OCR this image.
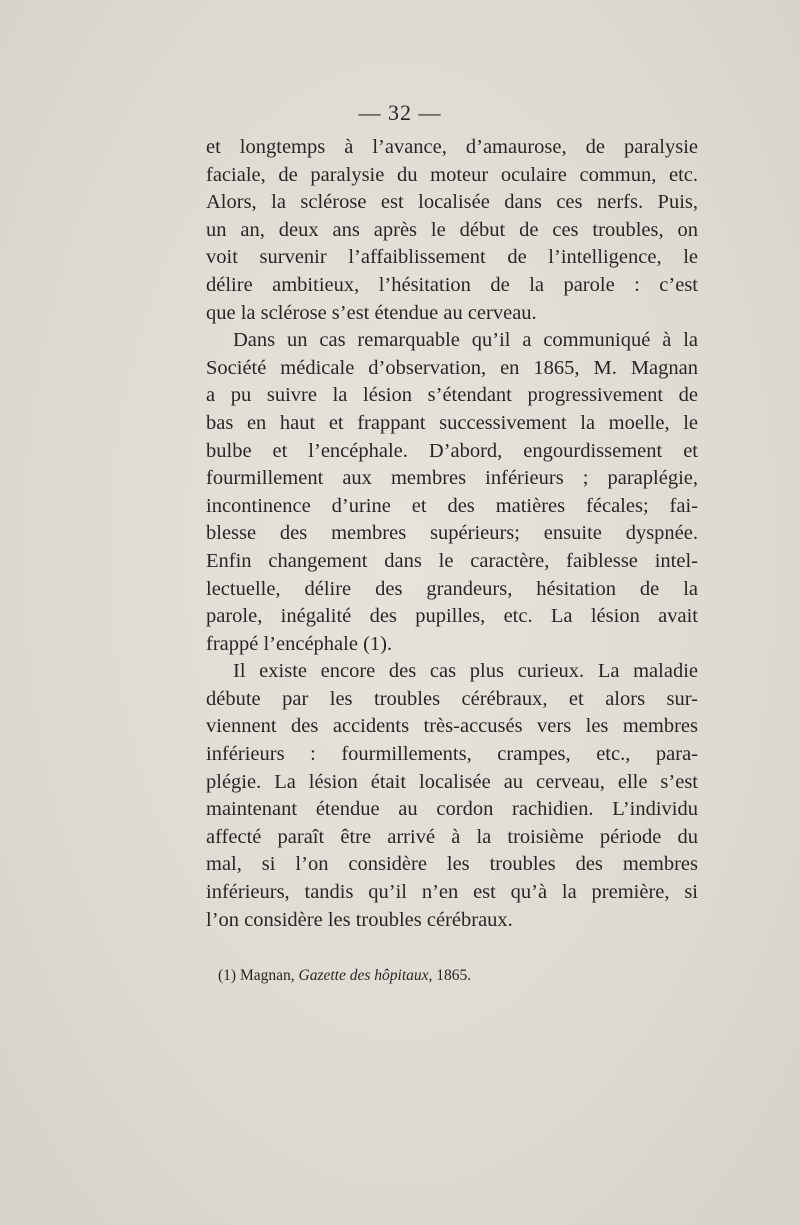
— 32 —
et longtemps à l’avance, d’amaurose, de paralysie
faciale, de paralysie du moteur oculaire commun, etc.
Alors, la sclérose est localisée dans ces nerfs. Puis,
un an, deux ans après le début de ces troubles, on
voit survenir l’affaiblissement de l’intelligence, le
délire ambitieux, l’hésitation de la parole : c’est
que la sclérose s’est étendue au cerveau.
Dans un cas remarquable qu’il a communiqué à la
Société médicale d’observation, en 1865, M. Magnan
a pu suivre la lésion s’étendant progressivement de
bas en haut et frappant successivement la moelle, le
bulbe et l’encéphale. D’abord, engourdissement et
fourmillement aux membres inférieurs ; paraplégie,
incontinence d’urine et des matières fécales; fai-
blesse des membres supérieurs; ensuite dyspnée.
Enfin changement dans le caractère, faiblesse intel-
lectuelle, délire des grandeurs, hésitation de la
parole, inégalité des pupilles, etc. La lésion avait
frappé l’encéphale (1).
Il existe encore des cas plus curieux. La maladie
débute par les troubles cérébraux, et alors sur-
viennent des accidents très-accusés vers les membres
inférieurs : fourmillements, crampes, etc., para-
plégie. La lésion était localisée au cerveau, elle s’est
maintenant étendue au cordon rachidien. L’individu
affecté paraît être arrivé à la troisième période du
mal, si l’on considère les troubles des membres
inférieurs, tandis qu’il n’en est qu’à la première, si
l’on considère les troubles cérébraux.
(1) Magnan, Gazette des hôpitaux, 1865.
